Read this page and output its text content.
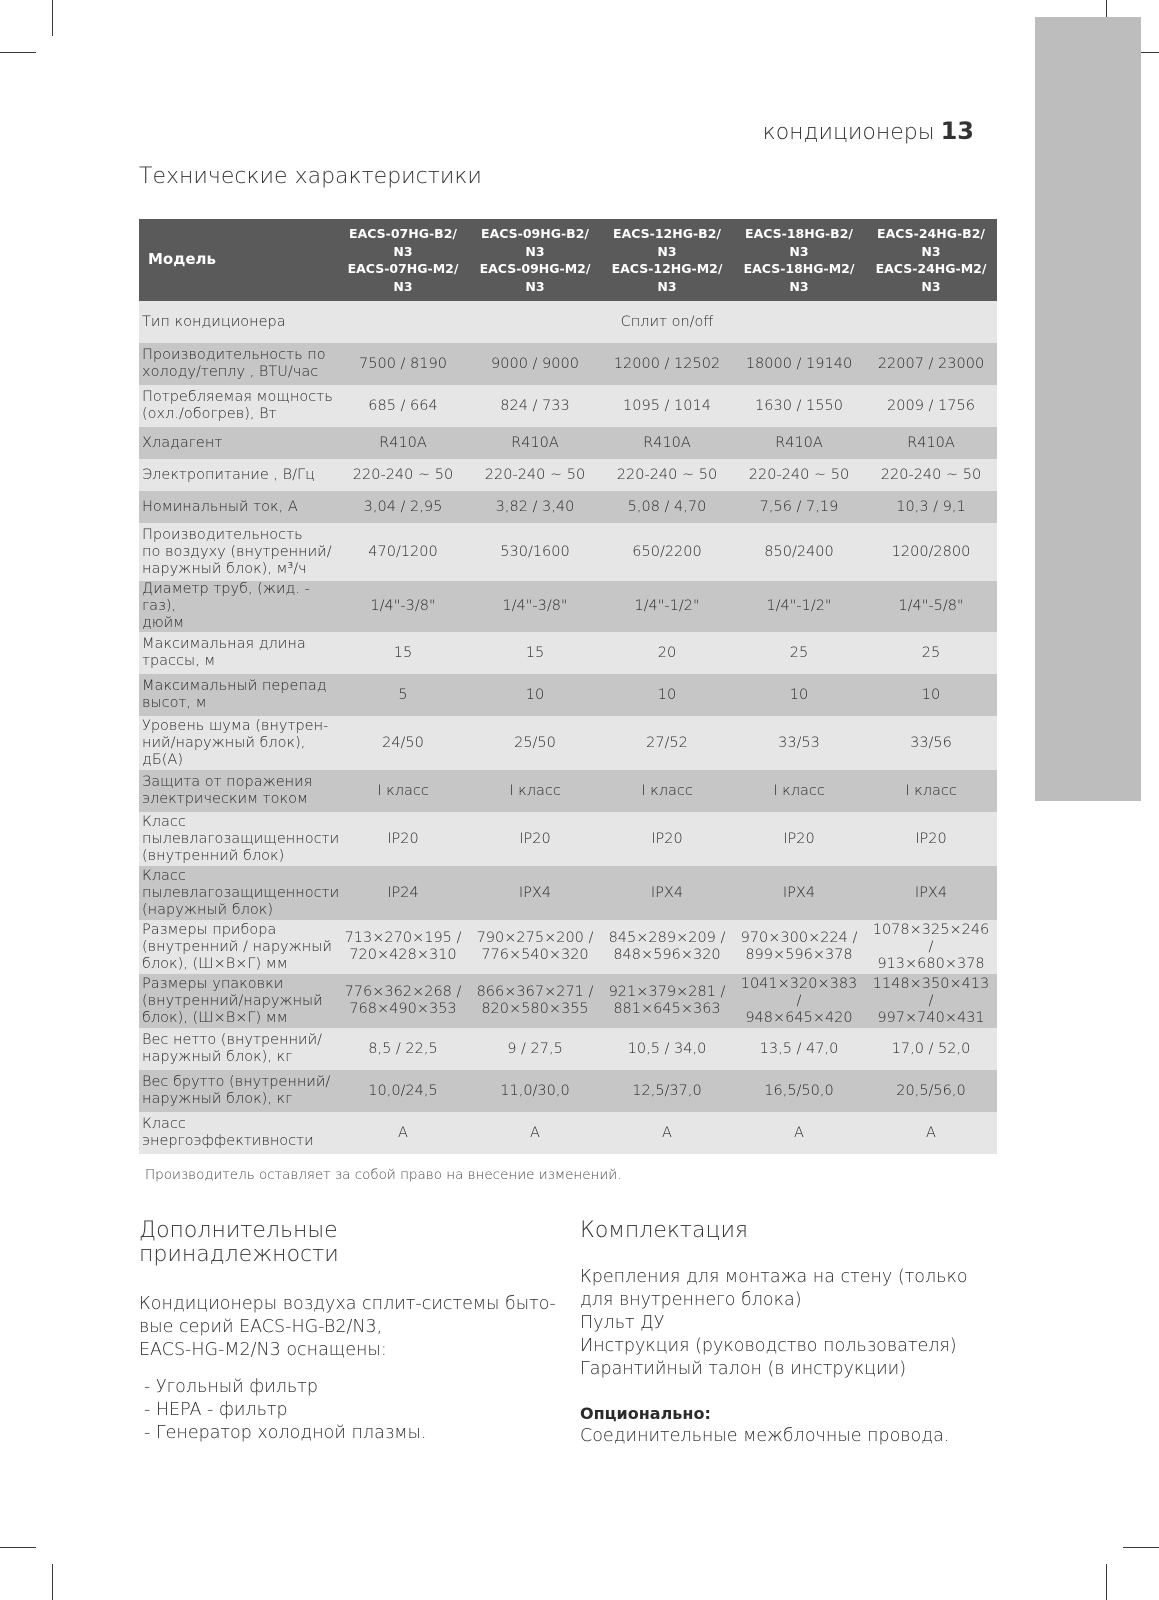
кондиционеры 13
Технические характеристики
Модель	EACS-07HG-B2/
N3
EACS-07HG-M2/
N3	EACS-09HG-B2/
N3
EACS-09HG-M2/
N3	EACS-12HG-B2/
N3
EACS-12HG-M2/
N3	EACS-18HG-B2/
N3
EACS-18HG-M2/
N3	EACS-24HG-B2/
N3
EACS-24HG-M2/
N3
Тип кондиционера	Сплит on/off				
Производительность по
холоду/теплу , BTU/час	7500 / 8190	9000 / 9000	12000 / 12502	18000 / 19140	22007 / 23000
Потребляемая мощность
(охл./обогрев), Вт	685 / 664	824 / 733	1095 / 1014	1630 / 1550	2009 / 1756
Хладагент	R410A	R410A	R410A	R410A	R410A
Электропитание , В/Гц	220-240 ~ 50	220-240 ~ 50	220-240 ~ 50	220-240 ~ 50	220-240 ~ 50
Номинальный ток, А	3,04 / 2,95	3,82 / 3,40	5,08 / 4,70	7,56 / 7,19	10,3 / 9,1
Производительность
по воздуху (внутренний/
наружный блок), м³/ч	470/1200	530/1600	650/2200	850/2400	1200/2800
Диаметр труб, (жид. - газ),
дюйм	1/4"-3/8"	1/4"-3/8"	1/4"-1/2"	1/4"-1/2"	1/4"-5/8"
Максимальная длина
трассы, м	15	15	20	25	25
Максимальный перепад
высот, м	5	10	10	10	10
Уровень шума (внутрен-
ний/наружный блок),
дБ(А)	24/50	25/50	27/52	33/53	33/56
Защита от поражения
электрическим током	I класс	I класс	I класс	I класс	I класс
Класс
пылевлагозащищенности
(внутренний блок)	IP20	IP20	IP20	IP20	IP20
Класс
пылевлагозащищенности
(наружный блок)	IP24	IPX4	IPX4	IPX4	IPX4
Размеры прибора
(внутренний / наружный
блок), (Ш×В×Г) мм	713×270×195 /
720×428×310	790×275×200 /
776×540×320	845×289×209 /
848×596×320	970×300×224 /
899×596×378	1078×325×246 /
913×680×378
Размеры упаковки
(внутренний/наружный
блок), (Ш×В×Г) мм	776×362×268 /
768×490×353	866×367×271 /
820×580×355	921×379×281 /
881×645×363	1041×320×383 /
948×645×420	1148×350×413 /
997×740×431
Вес нетто (внутренний/
наружный блок), кг	8,5 / 22,5	9 / 27,5	10,5 / 34,0	13,5 / 47,0	17,0 / 52,0
Вес брутто (внутренний/
наружный блок), кг	10,0/24,5	11,0/30,0	12,5/37,0	16,5/50,0	20,5/56,0
Класс
энергоэффективности	A	A	A	A	A
Производитель оставляет за собой право на внесение изменений.
Дополнительные
принадлежности
Кондиционеры воздуха сплит-системы быто-
вые серий EACS-HG-B2/N3,
EACS-HG-M2/N3 оснащены:
- Угольный фильтр
- HEPA - фильтр
- Генератор холодной плазмы.
Комплектация
Крепления для монтажа на стену (только
для внутреннего блока)
Пульт ДУ
Инструкция (руководство пользователя)
Гарантийный талон (в инструкции)
Опционально:
Соединительные межблочные провода.
